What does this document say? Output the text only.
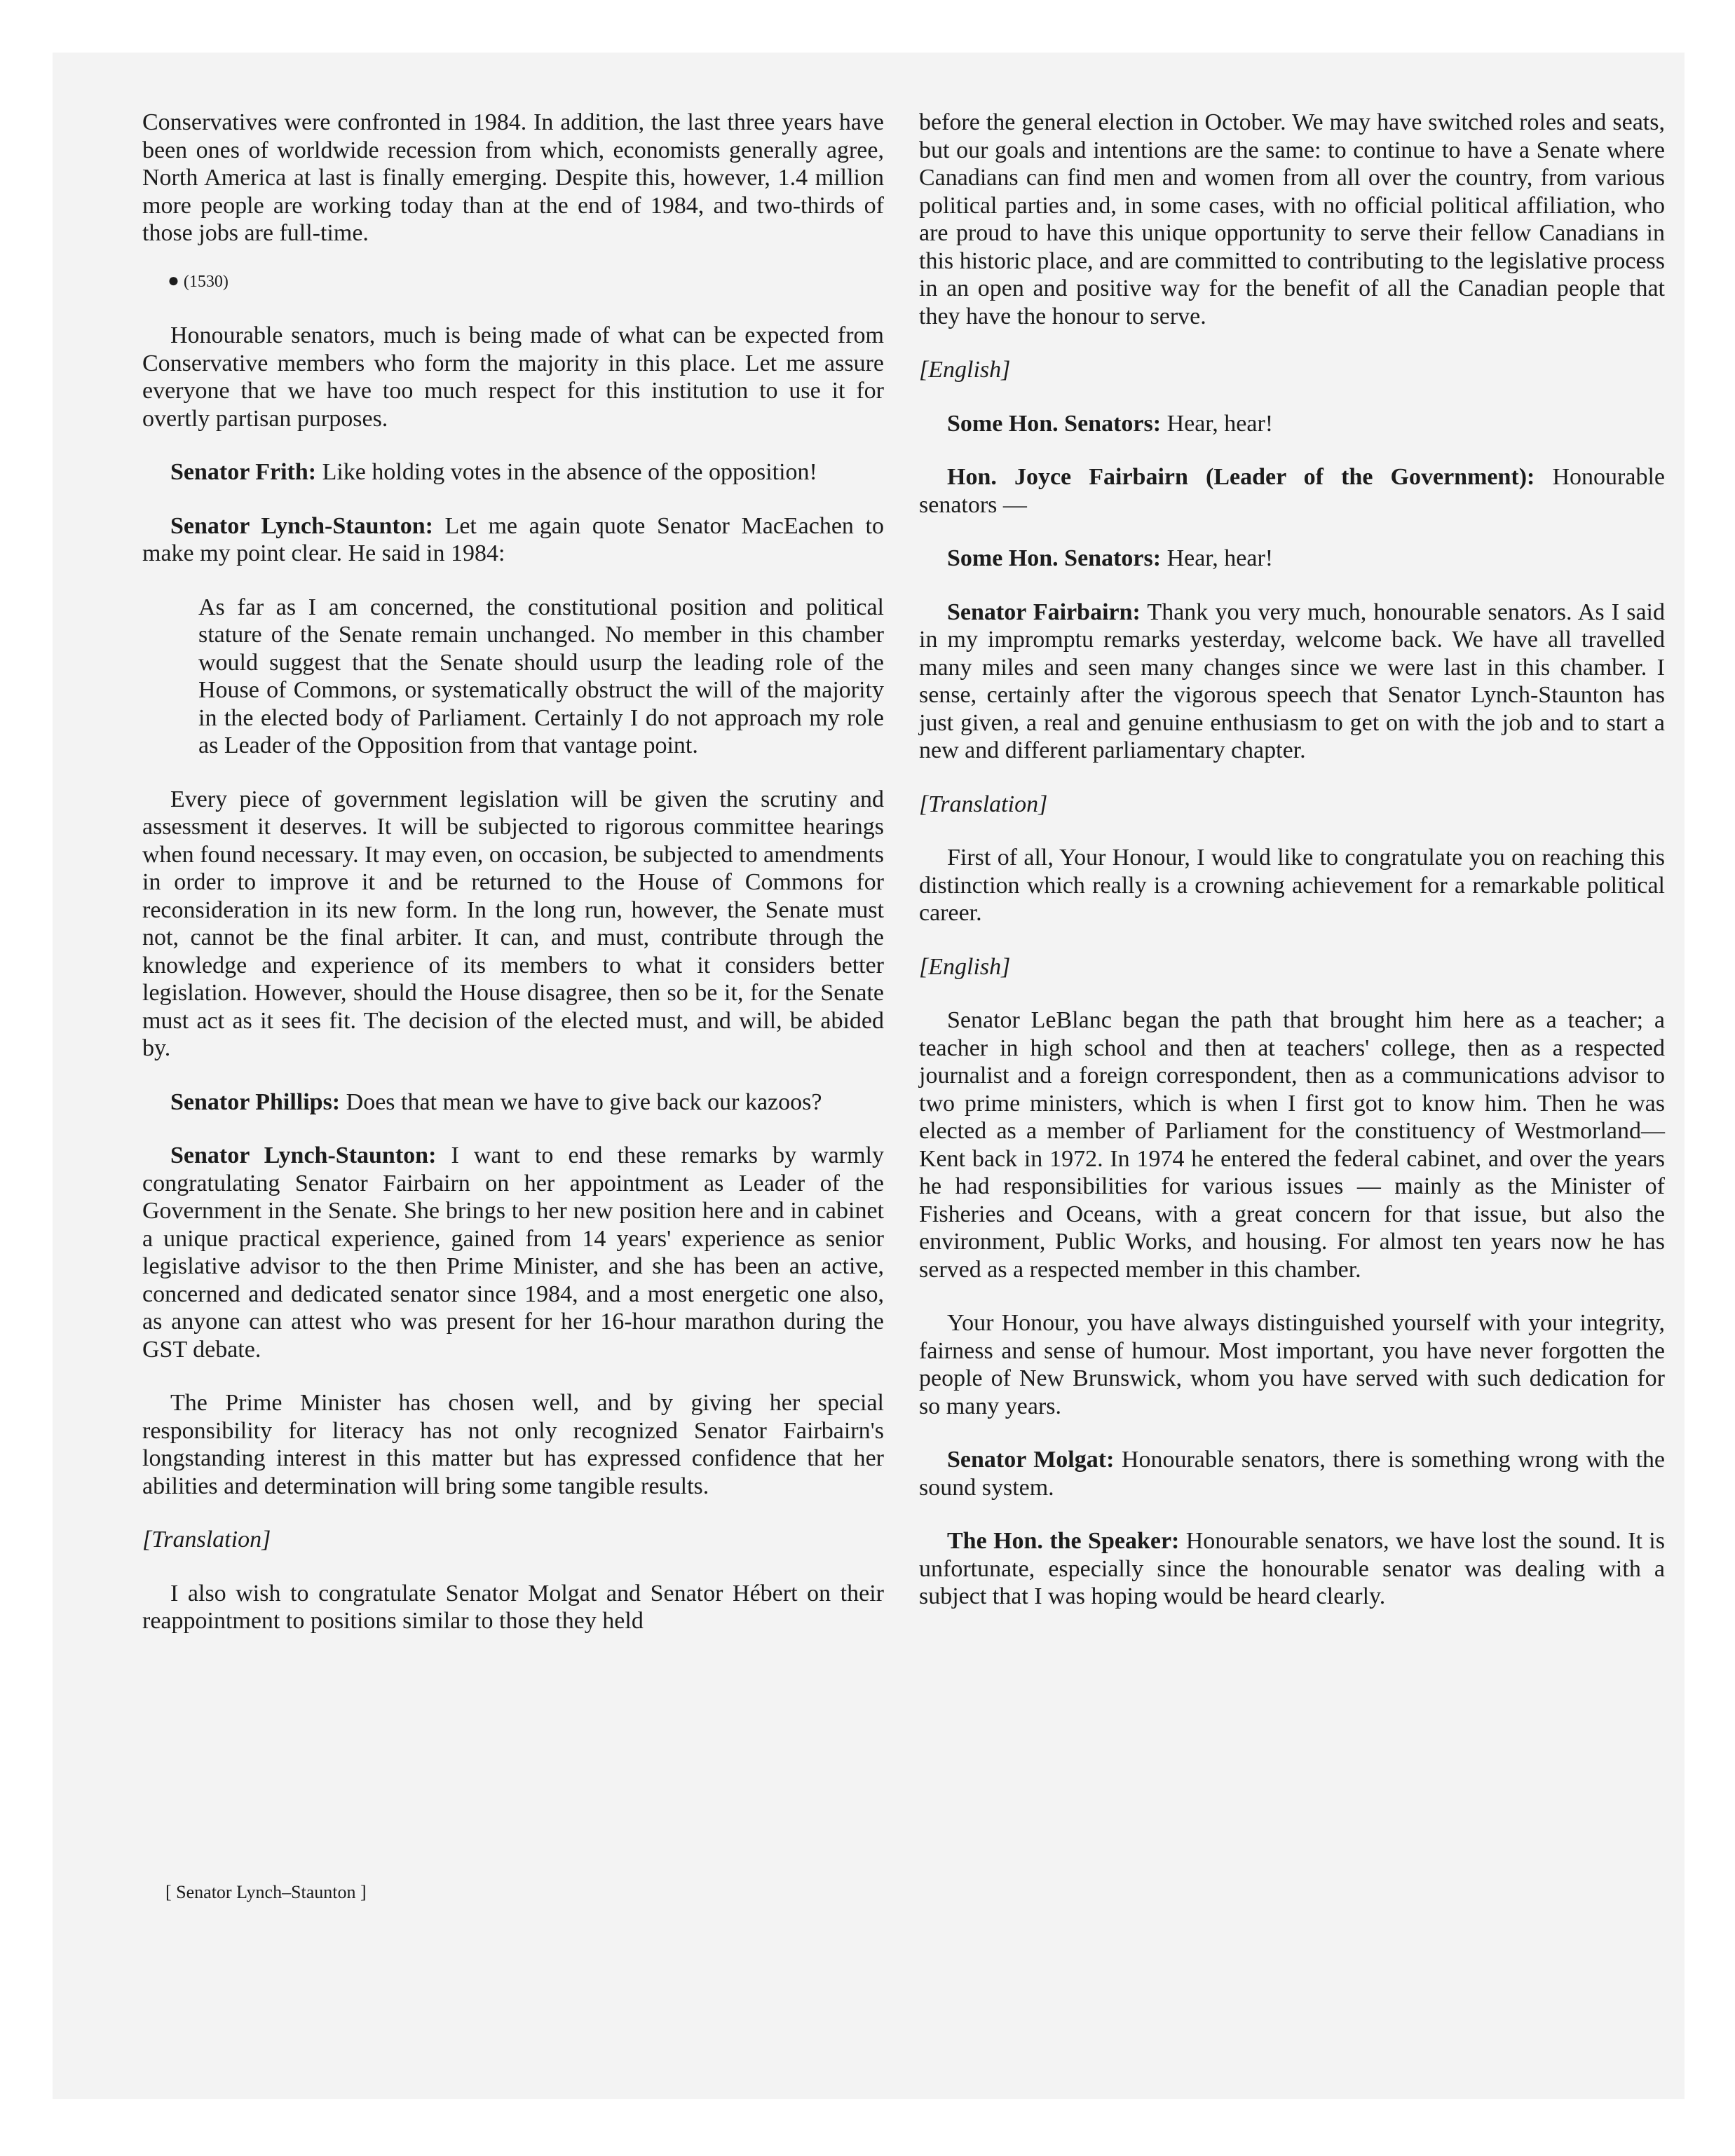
Conservatives were confronted in 1984. In addition, the last three years have been ones of worldwide recession from which, economists generally agree, North America at last is finally emerging. Despite this, however, 1.4 million more people are working today than at the end of 1984, and two-thirds of those jobs are full-time.

● (1530)

Honourable senators, much is being made of what can be expected from Conservative members who form the majority in this place. Let me assure everyone that we have too much respect for this institution to use it for overtly partisan purposes.

Senator Frith: Like holding votes in the absence of the opposition!

Senator Lynch-Staunton: Let me again quote Senator MacEachen to make my point clear. He said in 1984:

As far as I am concerned, the constitutional position and political stature of the Senate remain unchanged. No member in this chamber would suggest that the Senate should usurp the leading role of the House of Commons, or systematically obstruct the will of the majority in the elected body of Parliament. Certainly I do not approach my role as Leader of the Opposition from that vantage point.

Every piece of government legislation will be given the scrutiny and assessment it deserves. It will be subjected to rigorous committee hearings when found necessary. It may even, on occasion, be subjected to amendments in order to improve it and be returned to the House of Commons for reconsideration in its new form. In the long run, however, the Senate must not, cannot be the final arbiter. It can, and must, contribute through the knowledge and experience of its members to what it considers better legislation. However, should the House disagree, then so be it, for the Senate must act as it sees fit. The decision of the elected must, and will, be abided by.

Senator Phillips: Does that mean we have to give back our kazoos?

Senator Lynch-Staunton: I want to end these remarks by warmly congratulating Senator Fairbairn on her appointment as Leader of the Government in the Senate. She brings to her new position here and in cabinet a unique practical experience, gained from 14 years' experience as senior legislative advisor to the then Prime Minister, and she has been an active, concerned and dedicated senator since 1984, and a most energetic one also, as anyone can attest who was present for her 16-hour marathon during the GST debate.

The Prime Minister has chosen well, and by giving her special responsibility for literacy has not only recognized Senator Fairbairn's longstanding interest in this matter but has expressed confidence that her abilities and determination will bring some tangible results.

[Translation]

I also wish to congratulate Senator Molgat and Senator Hébert on their reappointment to positions similar to those they held

before the general election in October. We may have switched roles and seats, but our goals and intentions are the same: to continue to have a Senate where Canadians can find men and women from all over the country, from various political parties and, in some cases, with no official political affiliation, who are proud to have this unique opportunity to serve their fellow Canadians in this historic place, and are committed to contributing to the legislative process in an open and positive way for the benefit of all the Canadian people that they have the honour to serve.

[English]

Some Hon. Senators: Hear, hear!

Hon. Joyce Fairbairn (Leader of the Government): Honourable senators —

Some Hon. Senators: Hear, hear!

Senator Fairbairn: Thank you very much, honourable senators. As I said in my impromptu remarks yesterday, welcome back. We have all travelled many miles and seen many changes since we were last in this chamber. I sense, certainly after the vigorous speech that Senator Lynch-Staunton has just given, a real and genuine enthusiasm to get on with the job and to start a new and different parliamentary chapter.

[Translation]

First of all, Your Honour, I would like to congratulate you on reaching this distinction which really is a crowning achievement for a remarkable political career.

[English]

Senator LeBlanc began the path that brought him here as a teacher; a teacher in high school and then at teachers' college, then as a respected journalist and a foreign correspondent, then as a communications advisor to two prime ministers, which is when I first got to know him. Then he was elected as a member of Parliament for the constituency of Westmorland—Kent back in 1972. In 1974 he entered the federal cabinet, and over the years he had responsibilities for various issues — mainly as the Minister of Fisheries and Oceans, with a great concern for that issue, but also the environment, Public Works, and housing. For almost ten years now he has served as a respected member in this chamber.

Your Honour, you have always distinguished yourself with your integrity, fairness and sense of humour. Most important, you have never forgotten the people of New Brunswick, whom you have served with such dedication for so many years.

Senator Molgat: Honourable senators, there is something wrong with the sound system.

The Hon. the Speaker: Honourable senators, we have lost the sound. It is unfortunate, especially since the honourable senator was dealing with a subject that I was hoping would be heard clearly.

[ Senator Lynch–Staunton ]
